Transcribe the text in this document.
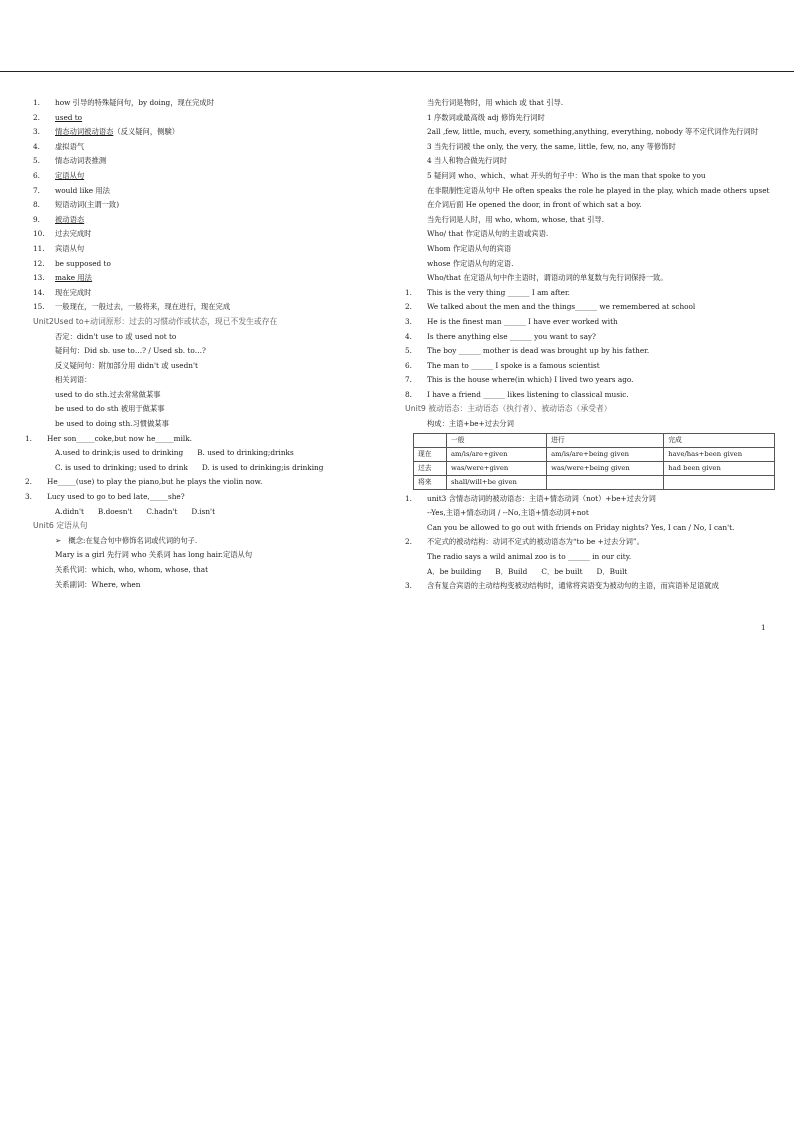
1. how 引导的特殊疑问句，by doing，现在完成时
2. used to
3. 情态动词被动语态（反义疑问，侧験）
4. 虚拟语气
5. 情态动词表推测
6. 定语从句
7. would like 用法
8. 短语动词(主谓一致)
9. 被动语态
10. 过去完成时
11. 宾语从句
12. be supposed to
13. make 用法
14. 现在完成时
15. 一般现在，一般过去，一般将来，现在进行，现在完成
Unit2Used to+动词原形：过去的习惯动作或状态，现已不发生或存在
否定：didn't use to 或 used not to
疑问句：Did sb. use to…? / Used sb. to…?
反义疑问句：附加部分用 didn't 或 usedn't
相关词语：
used to do sth.过去常常做某事
be used to do sth 被用于做某事
be used to doing sth.习惯做某事
1. Her son_____coke,but now he_____milk.
A.used to drink;is used to drinking B. used to drinking;drinks
C. is used to drinking; used to drink D. is used to drinking;is drinking
2. He_____(use) to play the piano,but he plays the violin now.
3. Lucy used to go to bed late,_____she?
A.didn't B.doesn't C.hadn't D.isn't
Unit6 定语从句
➢　概念:在复合句中修饰名词或代词的句子.
Mary is a girl 先行词 who 关系词 has long hair.定语从句
关系代词：which, who, whom, whose, that
关系副词：Where, when
当先行词是物时，用 which 或 that 引导.
1 序数词或最高级 adj 修饰先行词时
2all ,few, little, much, every, something,anything, everything, nobody 等不定代词作先行词时
3 当先行词被 the only, the very, the same, little, few, no, any 等修饰时
4 当人和物合做先行词时
5 疑问词 who、which、what 开头的句子中：Who is the man that spoke to you
在非限制性定语从句中 He often speaks the role he played in the play, which made others upset
在介词后面 He opened the door, in front of which sat a boy.
当先行词是人时，用 who, whom, whose, that 引导.
Who/ that 作定语从句的主语或宾语.
Whom 作定语从句的宾语
whose 作定语从句的定语.
Who/that 在定语从句中作主语时，谓语动词的单复数与先行词保持一致。
1. This is the very thing ______ I am after.
2. We talked about the men and the things______ we remembered at school
3. He is the finest man ______ I have ever worked with
4. Is there anything else ______ you want to say?
5. The boy ______ mother is dead was brought up by his father.
6. The man to ______ I spoke is a famous scientist
7. This is the house where(in which) I lived two years ago.
8. I have a friend ______ likes listening to classical music.
Unit9 被动语态：主动语态（执行者）、被动语态（承受者）
构成：主语+be+过去分词
	一般	进行	完成
现在	am/is/are+given	am/is/are+being given	have/has+been given
过去	was/were+given	was/were+being given	had been given
将来	shall/will+be given		
1. unit3 含情态动词的被动语态：主语+情态动词（not）+be+过去分词
--Yes,主语+情态动词 / --No,主语+情态动词+not
Can you be allowed to go out with friends on Friday nights? Yes, I can / No, I can't.
2. 不定式的被动结构：动词不定式的被动语态为“to be +过去分词”。
The radio says a wild animal zoo is to ______ in our city.
A．be building B．Build C．be built D．Built
3. 含有复合宾语的主动结构变被动结构时，通常将宾语变为被动句的主语，而宾语补足语就成
1
